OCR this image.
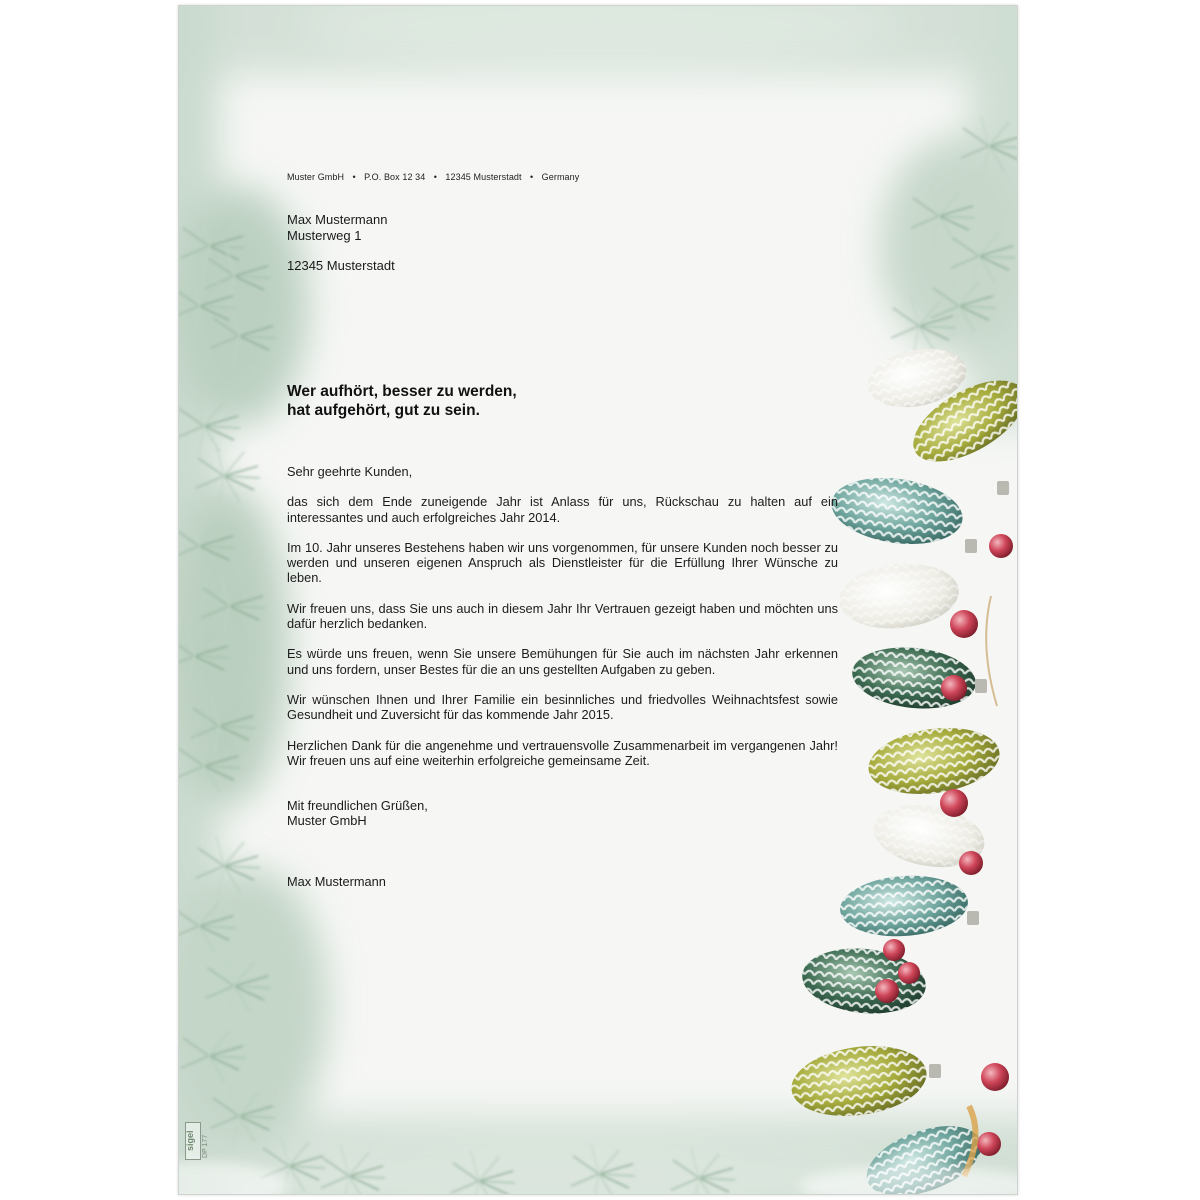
Muster GmbH • P.O. Box 12 34 • 12345 Musterstadt • Germany
Max Mustermann
Musterweg 1
12345 Musterstadt
Wer aufhört, besser zu werden,
hat aufgehört, gut zu sein.

Sehr geehrte Kunden,

das sich dem Ende zuneigende Jahr ist Anlass für uns, Rückschau zu halten auf ein interessantes und auch erfolgreiches Jahr 2014.

Im 10. Jahr unseres Bestehens haben wir uns vorgenommen, für unsere Kunden noch besser zu werden und unseren eigenen Anspruch als Dienstleister für die Erfüllung Ihrer Wünsche zu leben.

Wir freuen uns, dass Sie uns auch in diesem Jahr Ihr Vertrauen gezeigt haben und möchten uns dafür herzlich bedanken.

Es würde uns freuen, wenn Sie unsere Bemühungen für Sie auch im nächsten Jahr erkennen und uns fordern, unser Bestes für die an uns gestellten Aufgaben zu geben.

Wir wünschen Ihnen und Ihrer Familie ein besinnliches und friedvolles Weihnachtsfest sowie Gesundheit und Zuversicht für das kommende Jahr 2015.

Herzlichen Dank für die angenehme und vertrauensvolle Zusammenarbeit im vergangenen Jahr! Wir freuen uns auf eine weiterhin erfolgreiche gemeinsame Zeit.

Mit freundlichen Grüßen,
Muster GmbH
Max Mustermann
sigel	DP 177
